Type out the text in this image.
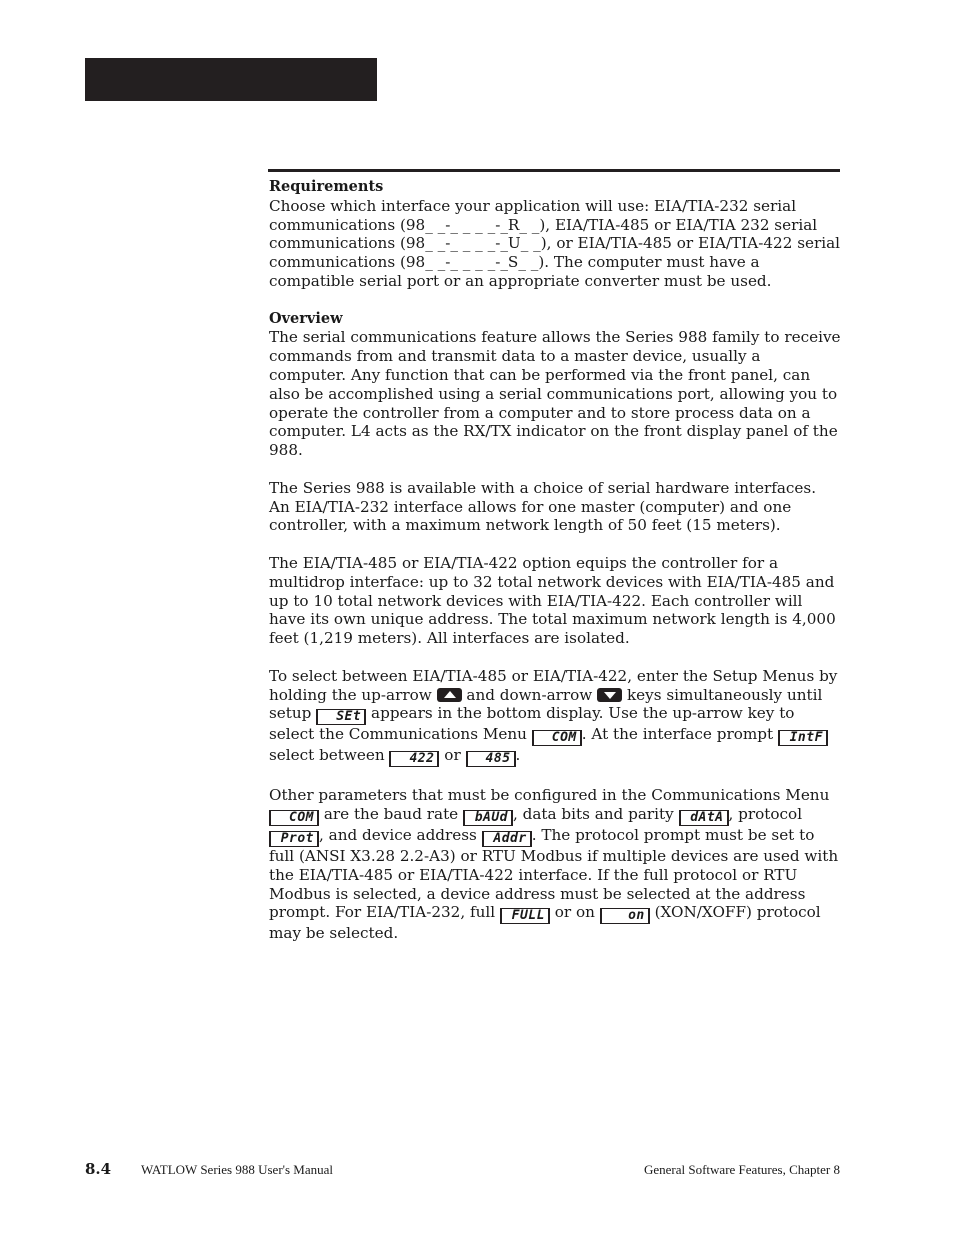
Requirements

Choose which interface your application will use: EIA/TIA-232 serial communications (98_ _-_ _ _ _-_R_ _), EIA/TIA-485 or EIA/TIA 232 serial communications (98_ _-_ _ _ _-_U_ _), or EIA/TIA-485 or EIA/TIA-422 serial communications (98_ _-_ _ _ _-_S_ _). The computer must have a compatible serial port or an appropriate converter must be used.

Overview

The serial communications feature allows the Series 988 family to receive commands from and transmit data to a master device, usually a computer. Any function that can be performed via the front panel, can also be accomplished using a serial communications port, allowing you to operate the controller from a computer and to store process data on a computer. L4 acts as the RX/TX indicator on the front display panel of the 988.

The Series 988 is available with a choice of serial hardware interfaces. An EIA/TIA-232 interface allows for one master (computer) and one controller, with a maximum network length of 50 feet (15 meters).

The EIA/TIA-485 or EIA/TIA-422 option equips the controller for a multidrop interface: up to 32 total network devices with EIA/TIA-485 and up to 10 total network devices with EIA/TIA-422. Each controller will have its own unique address. The total maximum network length is 4,000 feet (1,219 meters). All interfaces are isolated.

To select between EIA/TIA-485 or EIA/TIA-422, enter the Setup Menus by holding the up-arrow  and down-arrow  keys simultaneously until setup SEt appears in the bottom display. Use the up-arrow key to select the Communications Menu COM . At the interface prompt IntF select between 422 or 485 .

Other parameters that must be configured in the Communications Menu COM are the baud rate bAUd , data bits and parity dAtA , protocol Prot , and device address Addr . The protocol prompt must be set to full (ANSI X3.28 2.2-A3) or RTU Modbus if multiple devices are used with the EIA/TIA-485 or EIA/TIA-422 interface. If the full protocol or RTU Modbus is selected, a device address must be selected at the address prompt. For EIA/TIA-232, full FULL or on on (XON/XOFF) protocol may be selected.

8.4 WATLOW Series 988 User's Manual	General Software Features, Chapter 8
